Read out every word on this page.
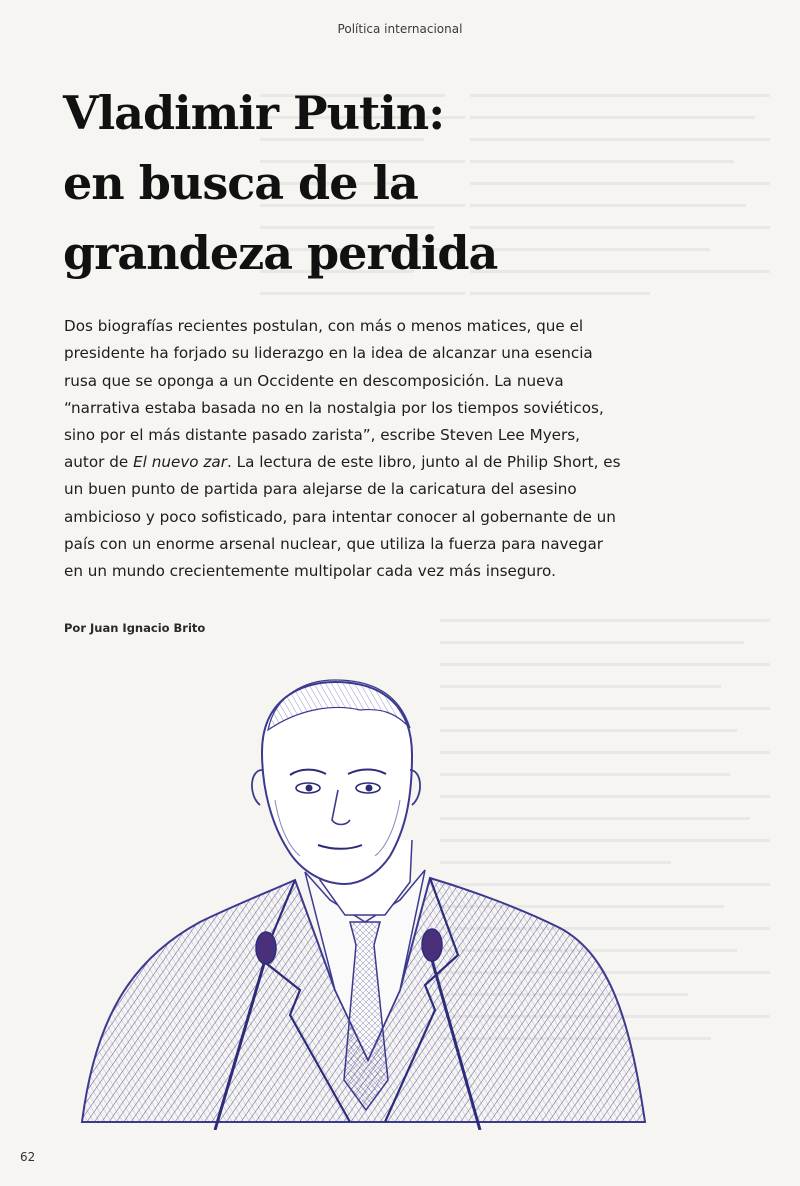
Política internacional
Vladimir Putin:
en busca de la
grandeza perdida

Dos biografías recientes postulan, con más o menos matices, que el presidente ha forjado su liderazgo en la idea de alcanzar una esencia rusa que se oponga a un Occidente en descomposición. La nueva “narrativa estaba basada no en la nostalgia por los tiempos soviéticos, sino por el más distante pasado zarista”, escribe Steven Lee Myers, autor de El nuevo zar. La lectura de este libro, junto al de Philip Short, es un buen punto de partida para alejarse de la caricatura del asesino ambicioso y poco sofisticado, para intentar conocer al gobernante de un país con un enorme arsenal nuclear, que utiliza la fuerza para navegar en un mundo crecientemente multipolar cada vez más inseguro.

Por Juan Ignacio Brito
62
